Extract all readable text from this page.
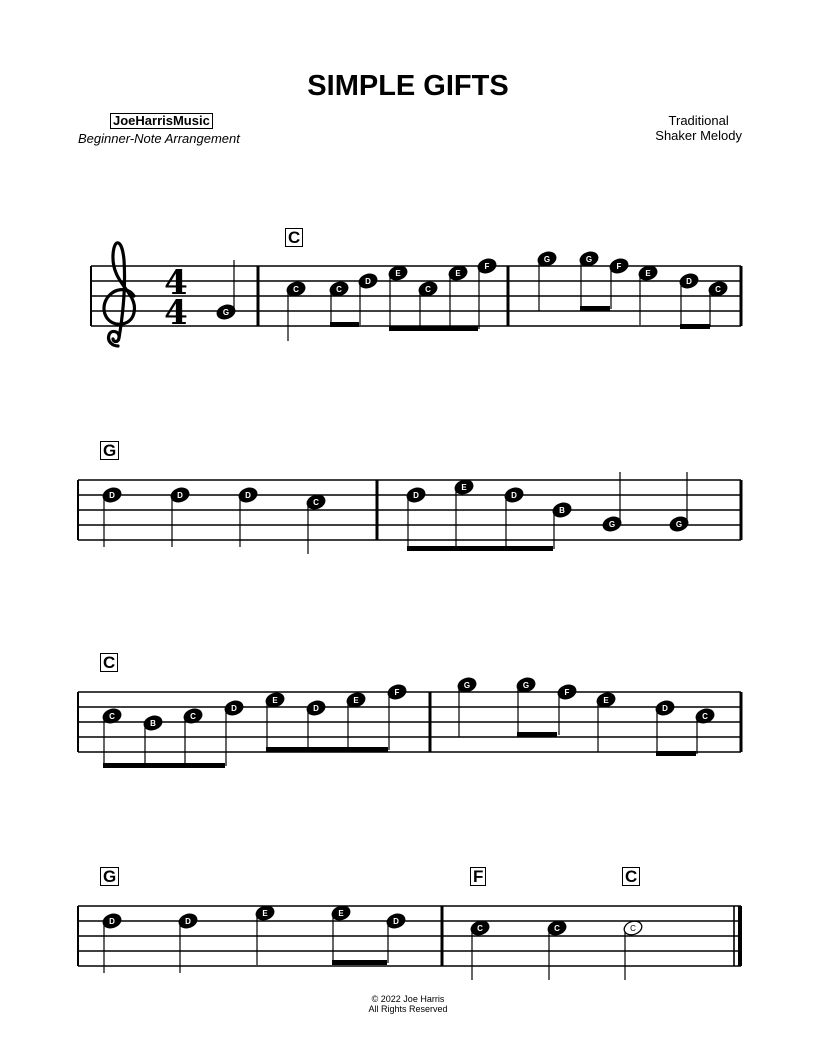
SIMPLE GIFTS
JoeHarrisMusic
Beginner-Note Arrangement
Traditional
Shaker Melody
C
G
C
G	F	C
4
4	G
C	C
D
E
C
E
F
G	G
F
E
D
C
D	D	D
C
D
E
D
B
G	G
C
B
C
D
E
D
E
F
G	G
F
E
D
C
D	D
E	E
D
C	C	C
© 2022 Joe Harris
All Rights Reserved
